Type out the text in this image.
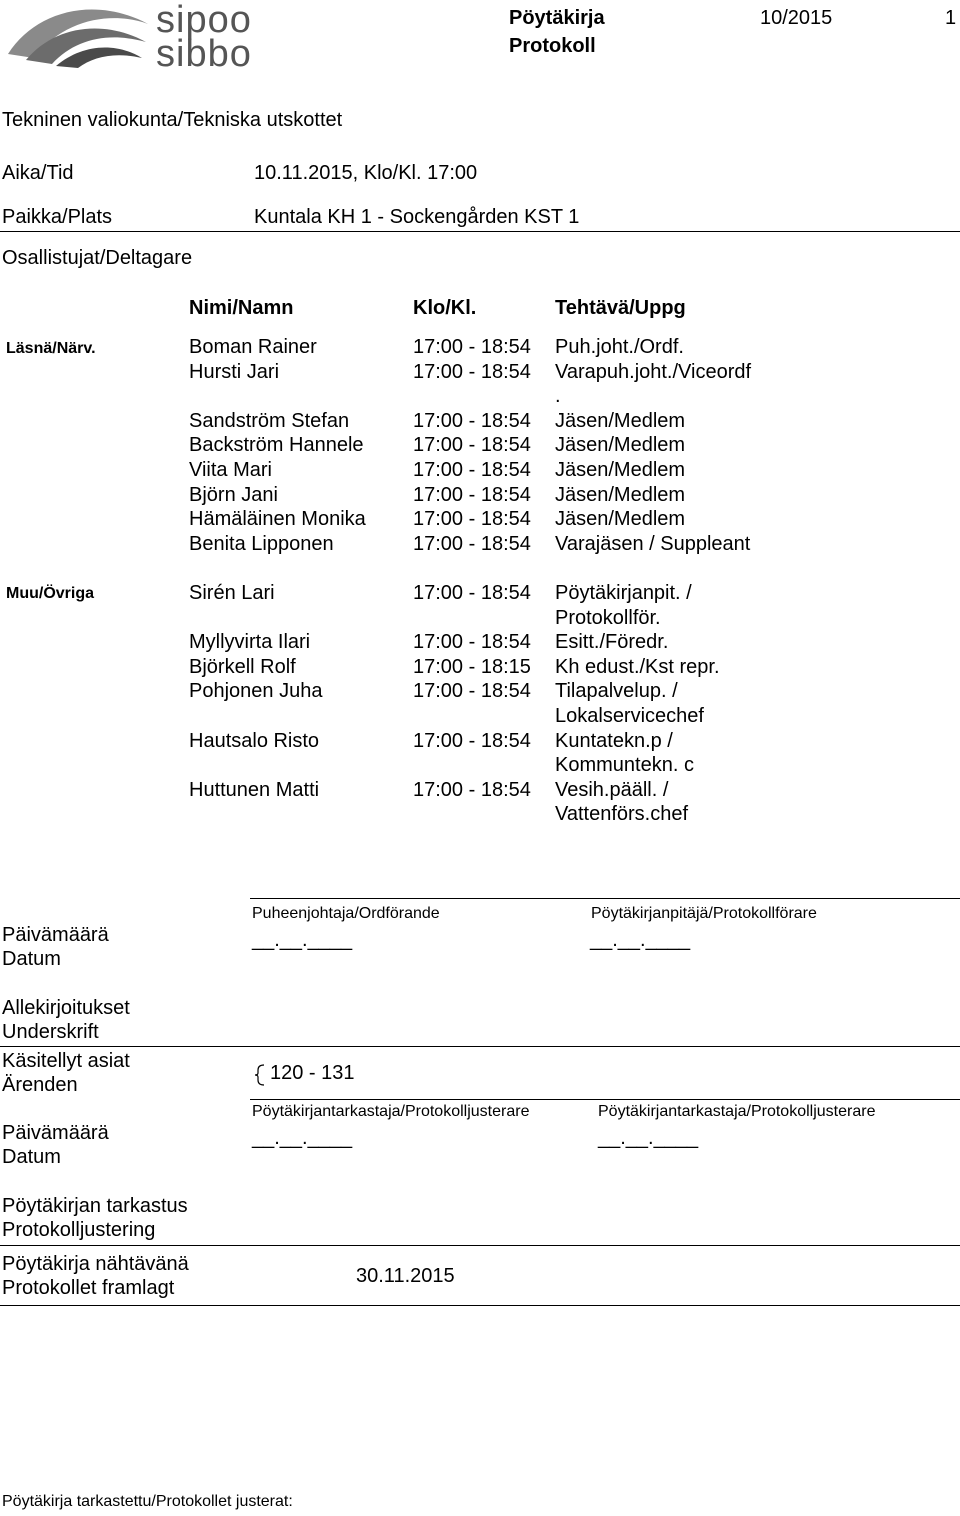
sipoo
sibbo
Pöytäkirja
Protokoll
10/2015	1
Tekninen valiokunta/Tekniska utskottet
Aika/Tid	10.11.2015, Klo/Kl. 17:00
Paikka/Plats	Kuntala KH 1 - Sockengården KST 1
Osallistujat/Deltagare
Nimi/Namn	Klo/Kl.	Tehtävä/Uppg
Läsnä/Närv.	Boman Rainer	17:00 - 18:54 Puh.joht./Ordf.
Hursti Jari	17:00 - 18:54 Varapuh.joht./Viceordf
.
Sandström Stefan	17:00 - 18:54 Jäsen/Medlem
Backström Hannele 17:00 - 18:54 Jäsen/Medlem
Viita Mari	17:00 - 18:54 Jäsen/Medlem
Björn Jani	17:00 - 18:54 Jäsen/Medlem
Hämäläinen Monika 17:00 - 18:54 Jäsen/Medlem
Benita Lipponen	17:00 - 18:54 Varajäsen / Suppleant
Muu/Övriga	Sirén Lari	17:00 - 18:54 Pöytäkirjanpit. /
Protokollför.
Myllyvirta Ilari	17:00 - 18:54 Esitt./Föredr.
Björkell Rolf	17:00 - 18:15 Kh edust./Kst repr.
Pohjonen Juha	17:00 - 18:54 Tilapalvelup. /
Lokalservicechef
Hautsalo Risto	17:00 - 18:54 Kuntatekn.p /
Kommuntekn. c
Huttunen Matti	17:00 - 18:54 Vesih.pääll. /
Vattenförs.chef
Puheenjohtaja/Ordförande	Pöytäkirjanpitäjä/Protokollförare
Päivämäärä
Datum
__.__.____	__.__.____
Allekirjoitukset
Underskrift
Käsitellyt asiat
Ärenden
120 - 131
Pöytäkirjantarkastaja/Protokolljusterare	Pöytäkirjantarkastaja/Protokolljusterare
Päivämäärä
Datum
__.__.____	__.__.____
Pöytäkirjan tarkastus
Protokolljustering
Pöytäkirja nähtävänä
Protokollet framlagt
30.11.2015
Pöytäkirja tarkastettu/Protokollet justerat:
